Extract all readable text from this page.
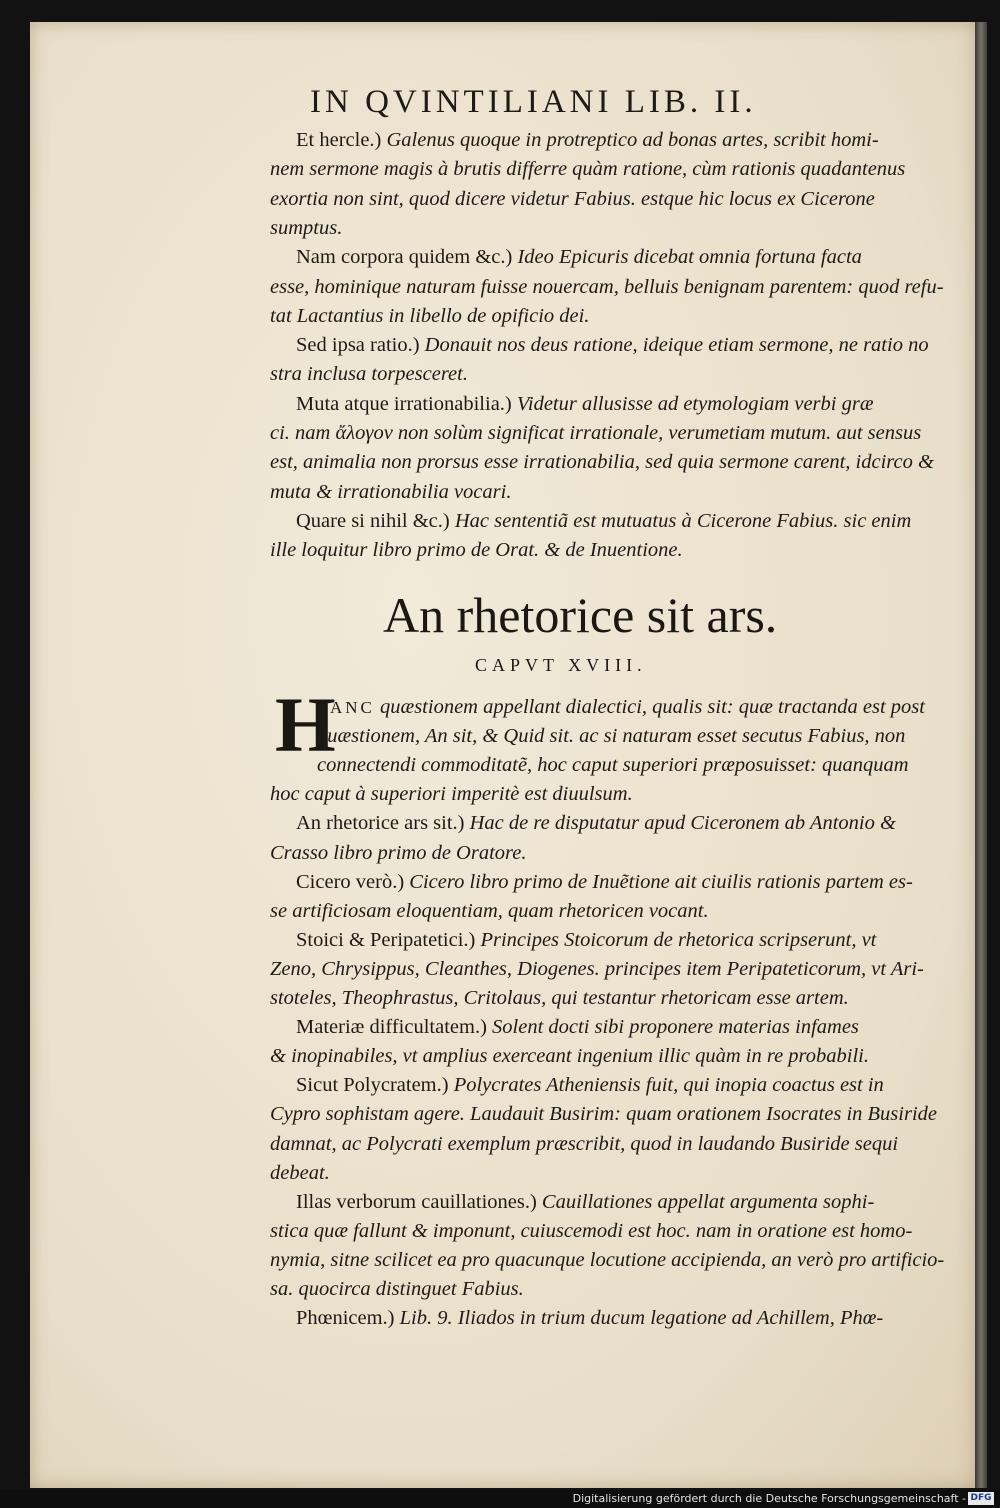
IN QVINTILIANI LIB. II.
An rhetorice sit ars.
CAPVT XVIII.
H
Digitalisierung gefördert durch die Deutsche Forschungsgemeinschaft - DFG
Et hercle.) Galenus quoque in protreptico ad bonas artes, scribit homi-
nem sermone magis à brutis differre quàm ratione, cùm rationis quadantenus
exortia non sint, quod dicere videtur Fabius. estque hic locus ex Cicerone
sumptus.
Nam corpora quidem &c.) Ideo Epicuris dicebat omnia fortuna facta
esse, hominique naturam fuisse nouercam, belluis benignam parentem: quod refu-
tat Lactantius in libello de opificio dei.
Sed ipsa ratio.) Donauit nos deus ratione, ideique etiam sermone, ne ratio no
stra inclusa torpesceret.
Muta atque irrationabilia.) Videtur allusisse ad etymologiam verbi græ
ci. nam ἄλογον non solùm significat irrationale, verumetiam mutum. aut sensus
est, animalia non prorsus esse irrationabilia, sed quia sermone carent, idcirco &
muta & irrationabilia vocari.
Quare si nihil &c.) Hac sententiã est mutuatus à Cicerone Fabius. sic enim
ille loquitur libro primo de Orat. & de Inuentione.
ANC quæstionem appellant dialectici, qualis sit: quæ tractanda est post
quæstionem, An sit, & Quid sit. ac si naturam esset secutus Fabius, non
connectendi commoditatẽ, hoc caput superiori præposuisset: quanquam
hoc caput à superiori imperitè est diuulsum.
An rhetorice ars sit.) Hac de re disputatur apud Ciceronem ab Antonio &
Crasso libro primo de Oratore.
Cicero verò.) Cicero libro primo de Inuẽtione ait ciuilis rationis partem es-
se artificiosam eloquentiam, quam rhetoricen vocant.
Stoici & Peripatetici.) Principes Stoicorum de rhetorica scripserunt, vt
Zeno, Chrysippus, Cleanthes, Diogenes. principes item Peripateticorum, vt Ari-
stoteles, Theophrastus, Critolaus, qui testantur rhetoricam esse artem.
Materiæ difficultatem.) Solent docti sibi proponere materias infames
& inopinabiles, vt amplius exerceant ingenium illic quàm in re probabili.
Sicut Polycratem.) Polycrates Atheniensis fuit, qui inopia coactus est in
Cypro sophistam agere. Laudauit Busirim: quam orationem Isocrates in Busiride
damnat, ac Polycrati exemplum præscribit, quod in laudando Busiride sequi
debeat.
Illas verborum cauillationes.) Cauillationes appellat argumenta sophi-
stica quæ fallunt & imponunt, cuiuscemodi est hoc. nam in oratione est homo-
nymia, sitne scilicet ea pro quacunque locutione accipienda, an verò pro artificio-
sa. quocirca distinguet Fabius.
Phœnicem.) Lib. 9. Iliados in trium ducum legatione ad Achillem, Phœ-
